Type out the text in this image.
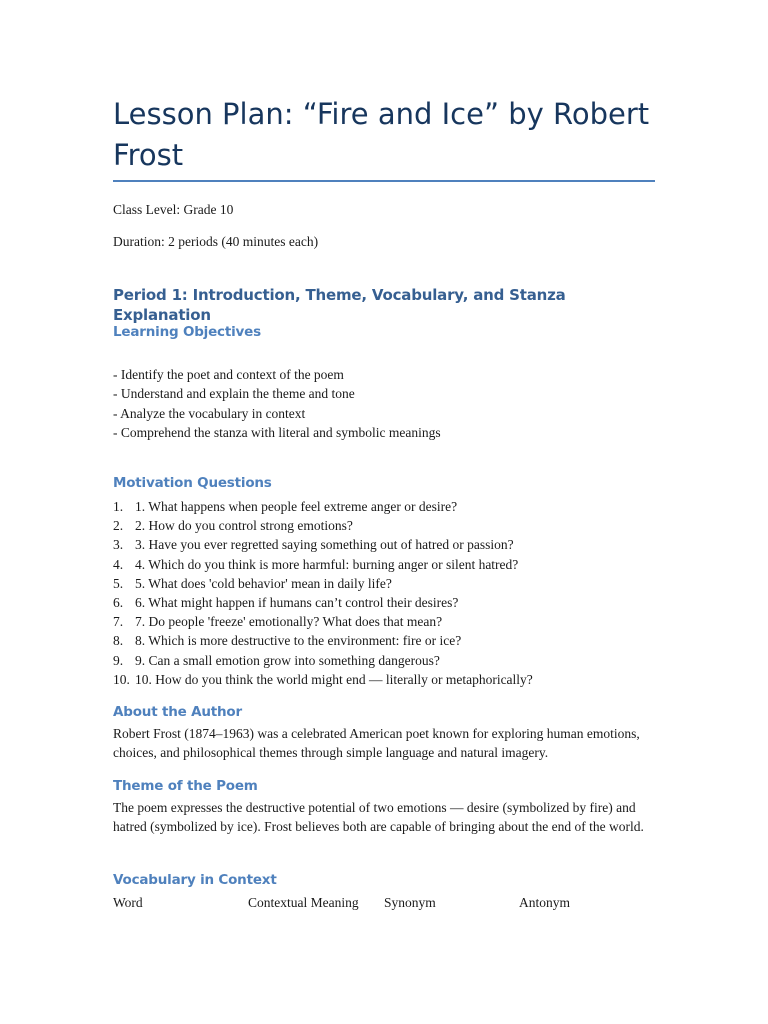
Lesson Plan: “Fire and Ice” by Robert Frost

Class Level: Grade 10

Duration: 2 periods (40 minutes each)

Period 1: Introduction, Theme, Vocabulary, and Stanza Explanation
Learning Objectives
- Identify the poet and context of the poem
- Understand and explain the theme and tone
- Analyze the vocabulary in context
- Comprehend the stanza with literal and symbolic meanings
Motivation Questions
1. 1. What happens when people feel extreme anger or desire?
2. 2. How do you control strong emotions?
3. 3. Have you ever regretted saying something out of hatred or passion?
4. 4. Which do you think is more harmful: burning anger or silent hatred?
5. 5. What does 'cold behavior' mean in daily life?
6. 6. What might happen if humans can’t control their desires?
7. 7. Do people 'freeze' emotionally? What does that mean?
8. 8. Which is more destructive to the environment: fire or ice?
9. 9. Can a small emotion grow into something dangerous?
10. 10. How do you think the world might end — literally or metaphorically?
About the Author

Robert Frost (1874–1963) was a celebrated American poet known for exploring human emotions, choices, and philosophical themes through simple language and natural imagery.

Theme of the Poem

The poem expresses the destructive potential of two emotions — desire (symbolized by fire) and hatred (symbolized by ice). Frost believes both are capable of bringing about the end of the world.

Vocabulary in Context
Word	Contextual Meaning Synonym	Antonym
